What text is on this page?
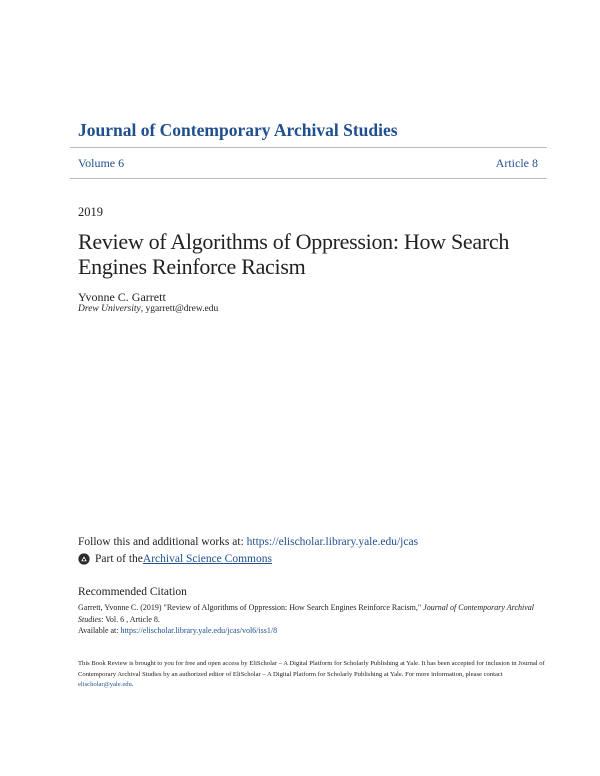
Journal of Contemporary Archival Studies
Volume 6	Article 8
2019
Review of Algorithms of Oppression: How Search Engines Reinforce Racism
Yvonne C. Garrett
Drew University, ygarrett@drew.edu
Follow this and additional works at: https://elischolar.library.yale.edu/jcas
Part of the Archival Science Commons
Recommended Citation
Garrett, Yvonne C. (2019) "Review of Algorithms of Oppression: How Search Engines Reinforce Racism," Journal of Contemporary Archival Studies: Vol. 6 , Article 8.
Available at: https://elischolar.library.yale.edu/jcas/vol6/iss1/8
This Book Review is brought to you for free and open access by EliScholar – A Digital Platform for Scholarly Publishing at Yale. It has been accepted for inclusion in Journal of Contemporary Archival Studies by an authorized editor of EliScholar – A Digital Platform for Scholarly Publishing at Yale. For more information, please contact elischolar@yale.edu.
